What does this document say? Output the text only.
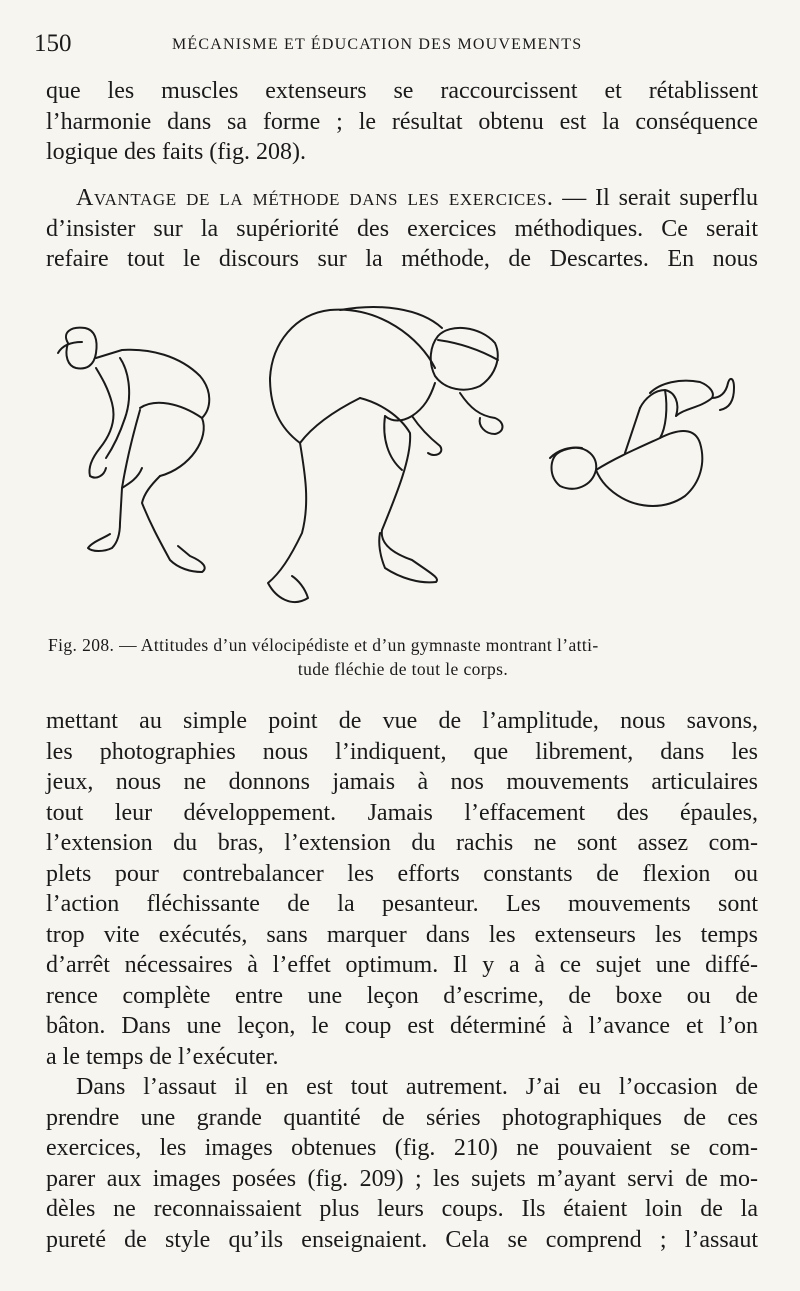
150	MÉCANISME ET ÉDUCATION DES MOUVEMENTS
que les muscles extenseurs se raccourcissent et rétablissent
l’harmonie dans sa forme ; le résultat obtenu est la conséquence
logique des faits (fig. 208).
Avantage de la méthode dans les exercices. — Il serait superflu
d’insister sur la supériorité des exercices méthodiques. Ce serait
refaire tout le discours sur la méthode, de Descartes. En nous
Fig. 208. — Attitudes d’un vélocipédiste et d’un gymnaste montrant l’atti-
tude fléchie de tout le corps.
mettant au simple point de vue de l’amplitude, nous savons,
les photographies nous l’indiquent, que librement, dans les
jeux, nous ne donnons jamais à nos mouvements articulaires
tout leur développement. Jamais l’effacement des épaules,
l’extension du bras, l’extension du rachis ne sont assez com-
plets pour contrebalancer les efforts constants de flexion ou
l’action fléchissante de la pesanteur. Les mouvements sont
trop vite exécutés, sans marquer dans les extenseurs les temps
d’arrêt nécessaires à l’effet optimum. Il y a à ce sujet une diffé-
rence complète entre une leçon d’escrime, de boxe ou de
bâton. Dans une leçon, le coup est déterminé à l’avance et l’on
a le temps de l’exécuter.
Dans l’assaut il en est tout autrement. J’ai eu l’occasion de
prendre une grande quantité de séries photographiques de ces
exercices, les images obtenues (fig. 210) ne pouvaient se com-
parer aux images posées (fig. 209) ; les sujets m’ayant servi de mo-
dèles ne reconnaissaient plus leurs coups. Ils étaient loin de la
pureté de style qu’ils enseignaient. Cela se comprend ; l’assaut
